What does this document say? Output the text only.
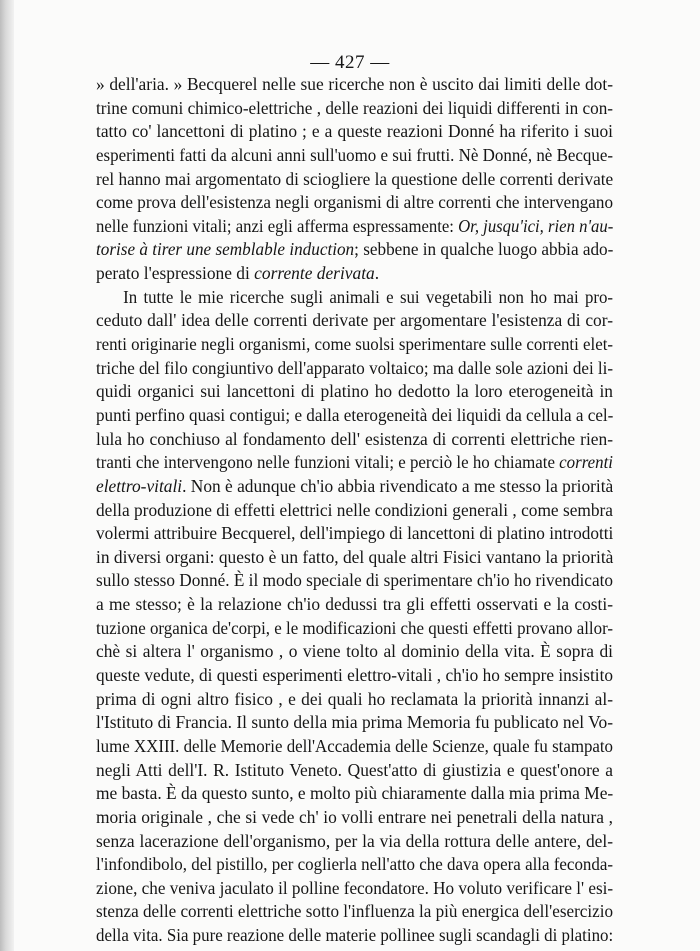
— 427 —
» dell'aria. » Becquerel nelle sue ricerche non è uscito dai limiti delle dot-
trine comuni chimico-elettriche , delle reazioni dei liquidi differenti in con-
tatto co' lancettoni di platino ; e a queste reazioni Donné ha riferito i suoi
esperimenti fatti da alcuni anni sull'uomo e sui frutti. Nè Donné, nè Becque-
rel hanno mai argomentato di sciogliere la questione delle correnti derivate
come prova dell'esistenza negli organismi di altre correnti che intervengano
nelle funzioni vitali; anzi egli afferma espressamente: Or, jusqu'ici, rien n'au-
torise à tirer une semblable induction; sebbene in qualche luogo abbia ado-
perato l'espressione di corrente derivata.
In tutte le mie ricerche sugli animali e sui vegetabili non ho mai pro-
ceduto dall' idea delle correnti derivate per argomentare l'esistenza di cor-
renti originarie negli organismi, come suolsi sperimentare sulle correnti elet-
triche del filo congiuntivo dell'apparato voltaico; ma dalle sole azioni dei li-
quidi organici sui lancettoni di platino ho dedotto la loro eterogeneità in
punti perfino quasi contigui; e dalla eterogeneità dei liquidi da cellula a cel-
lula ho conchiuso al fondamento dell' esistenza di correnti elettriche rien-
tranti che intervengono nelle funzioni vitali; e perciò le ho chiamate correnti
elettro-vitali. Non è adunque ch'io abbia rivendicato a me stesso la priorità
della produzione di effetti elettrici nelle condizioni generali , come sembra
volermi attribuire Becquerel, dell'impiego di lancettoni di platino introdotti
in diversi organi: questo è un fatto, del quale altri Fisici vantano la priorità
sullo stesso Donné. È il modo speciale di sperimentare ch'io ho rivendicato
a me stesso; è la relazione ch'io dedussi tra gli effetti osservati e la costi-
tuzione organica de'corpi, e le modificazioni che questi effetti provano allor-
chè si altera l' organismo , o viene tolto al dominio della vita. È sopra di
queste vedute, di questi esperimenti elettro-vitali , ch'io ho sempre insistito
prima di ogni altro fisico , e dei quali ho reclamata la priorità innanzi al-
l'Istituto di Francia. Il sunto della mia prima Memoria fu publicato nel Vo-
lume XXIII. delle Memorie dell'Accademia delle Scienze, quale fu stampato
negli Atti dell'I. R. Istituto Veneto. Quest'atto di giustizia e quest'onore a
me basta. È da questo sunto, e molto più chiaramente dalla mia prima Me-
moria originale , che si vede ch' io volli entrare nei penetrali della natura ,
senza lacerazione dell'organismo, per la via della rottura delle antere, del-
l'infondibolo, del pistillo, per coglierla nell'atto che dava opera alla feconda-
zione, che veniva jaculato il polline fecondatore. Ho voluto verificare l' esi-
stenza delle correnti elettriche sotto l'influenza la più energica dell'esercizio
della vita. Sia pure reazione delle materie pollinee sugli scandagli di platino:
